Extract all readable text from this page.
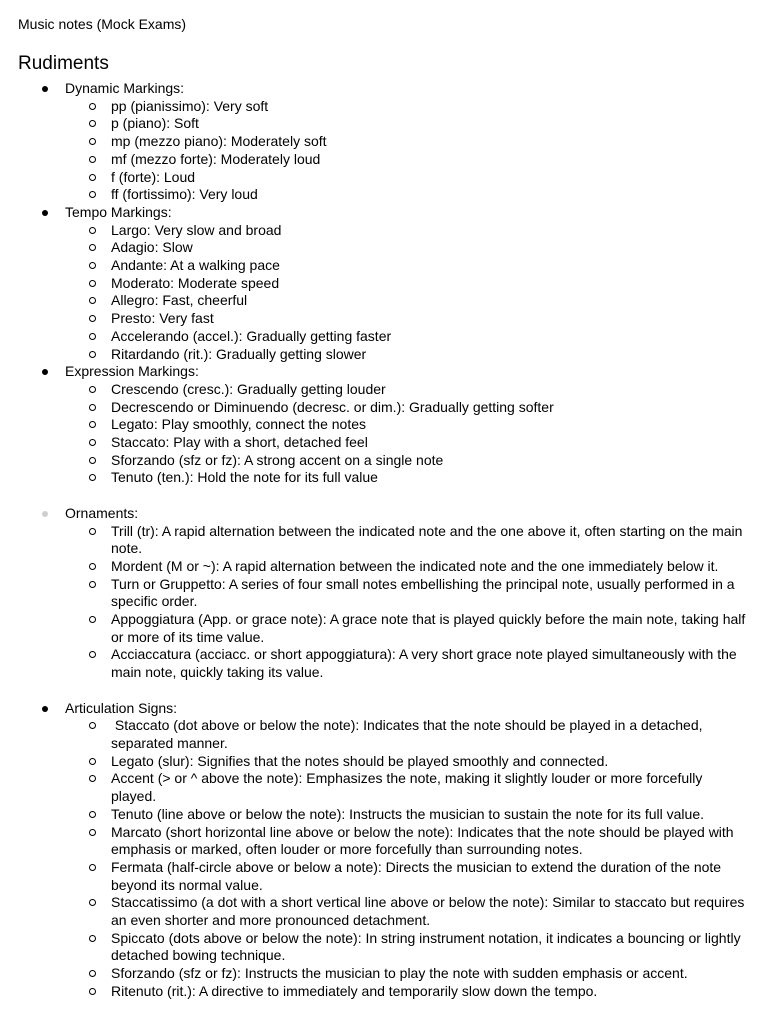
Music notes (Mock Exams)
Rudiments
Dynamic Markings:
pp (pianissimo): Very soft
p (piano): Soft
mp (mezzo piano): Moderately soft
mf (mezzo forte): Moderately loud
f (forte): Loud
ff (fortissimo): Very loud
Tempo Markings:
Largo: Very slow and broad
Adagio: Slow
Andante: At a walking pace
Moderato: Moderate speed
Allegro: Fast, cheerful
Presto: Very fast
Accelerando (accel.): Gradually getting faster
Ritardando (rit.): Gradually getting slower
Expression Markings:
Crescendo (cresc.): Gradually getting louder
Decrescendo or Diminuendo (decresc. or dim.): Gradually getting softer
Legato: Play smoothly, connect the notes
Staccato: Play with a short, detached feel
Sforzando (sfz or fz): A strong accent on a single note
Tenuto (ten.): Hold the note for its full value
Ornaments:
Trill (tr): A rapid alternation between the indicated note and the one above it, often starting on the main note.
Mordent (M or ~): A rapid alternation between the indicated note and the one immediately below it.
Turn or Gruppetto: A series of four small notes embellishing the principal note, usually performed in a specific order.
Appoggiatura (App. or grace note): A grace note that is played quickly before the main note, taking half or more of its time value.
Acciaccatura (acciacc. or short appoggiatura): A very short grace note played simultaneously with the main note, quickly taking its value.
Articulation Signs:
Staccato (dot above or below the note): Indicates that the note should be played in a detached, separated manner.
Legato (slur): Signifies that the notes should be played smoothly and connected.
Accent (> or ^ above the note): Emphasizes the note, making it slightly louder or more forcefully played.
Tenuto (line above or below the note): Instructs the musician to sustain the note for its full value.
Marcato (short horizontal line above or below the note): Indicates that the note should be played with emphasis or marked, often louder or more forcefully than surrounding notes.
Fermata (half-circle above or below a note): Directs the musician to extend the duration of the note beyond its normal value.
Staccatissimo (a dot with a short vertical line above or below the note): Similar to staccato but requires an even shorter and more pronounced detachment.
Spiccato (dots above or below the note): In string instrument notation, it indicates a bouncing or lightly detached bowing technique.
Sforzando (sfz or fz): Instructs the musician to play the note with sudden emphasis or accent.
Ritenuto (rit.): A directive to immediately and temporarily slow down the tempo.
